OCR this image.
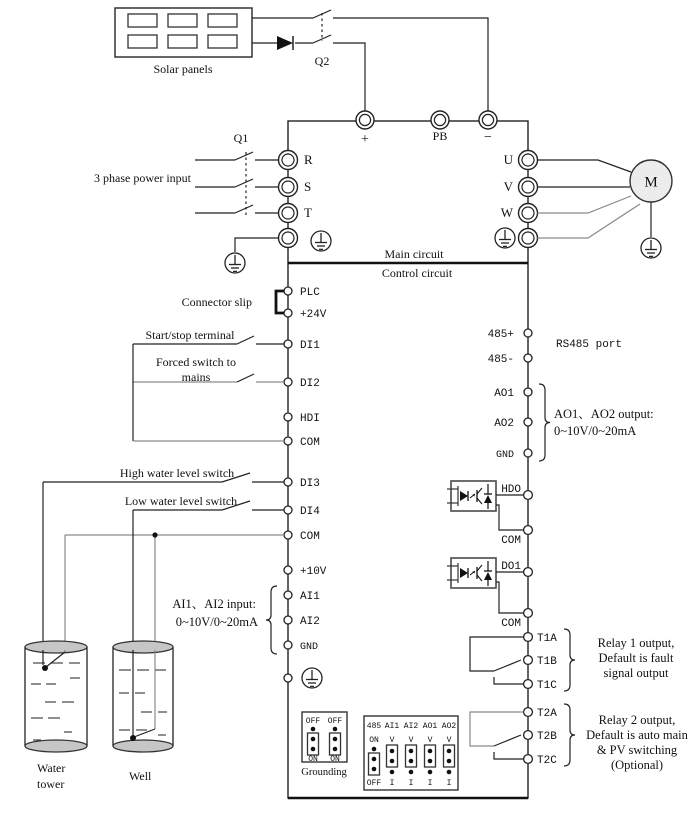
Main circuit
Control circuit
Solar panels
Q2
+	PB	−
3 phase power input
Q1
R
S
T
U
V
W
M
PLC
+24V
DI1
DI2
HDI
COM
DI3
DI4
COM
+10V
AI1
AI2
GND
Connector slip
Start/stop terminal
Forced switch to
mains
High water level switch
Low water level switch
AI1、AI2 input:
0~10V/0~20mA
485+
485-
RS485 port
AO1
AO2
GND
AO1、AO2 output:
0~10V/0~20mA
HDO
COM
DO1
COM
T1A
T1B
T1C
Relay 1 output,
Default is fault
signal output
T2A
T2B
T2C
Relay 2 output,
Default is auto main
& PV switching
(Optional)
OFF OFF
ON ON
Grounding
485 AI1 AI2 AO1 AO2
ON V V V V
OFF I I I I
Water
tower
Well
